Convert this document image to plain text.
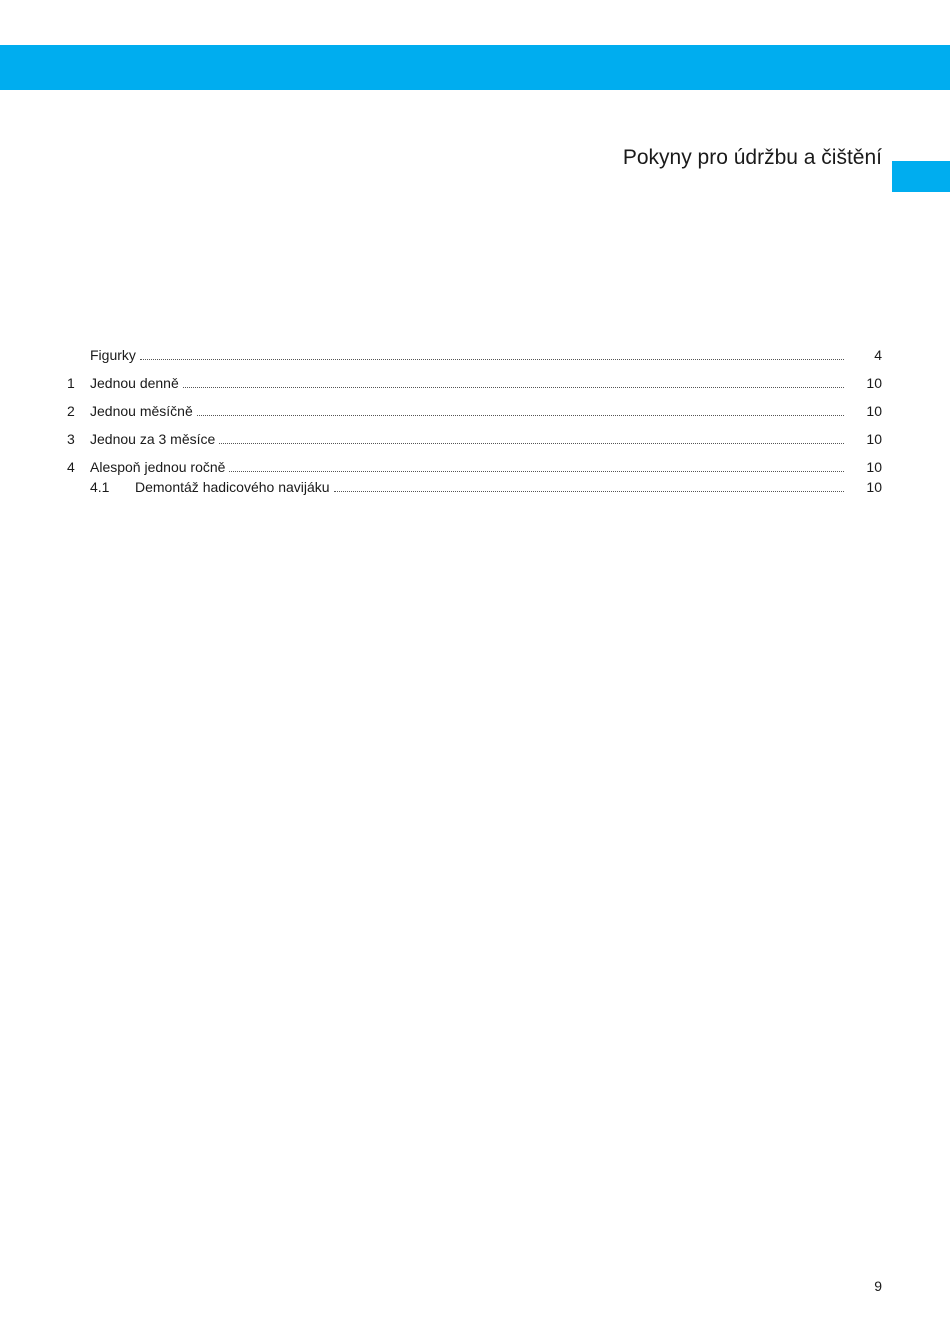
Pokyny pro údržbu a čištění
Figurky	4
1	Jednou denně	10
2	Jednou měsíčně	10
3	Jednou za 3 měsíce	10
4	Alespoň jednou ročně	10
4.1	Demontáž hadicového navijáku	10
9
